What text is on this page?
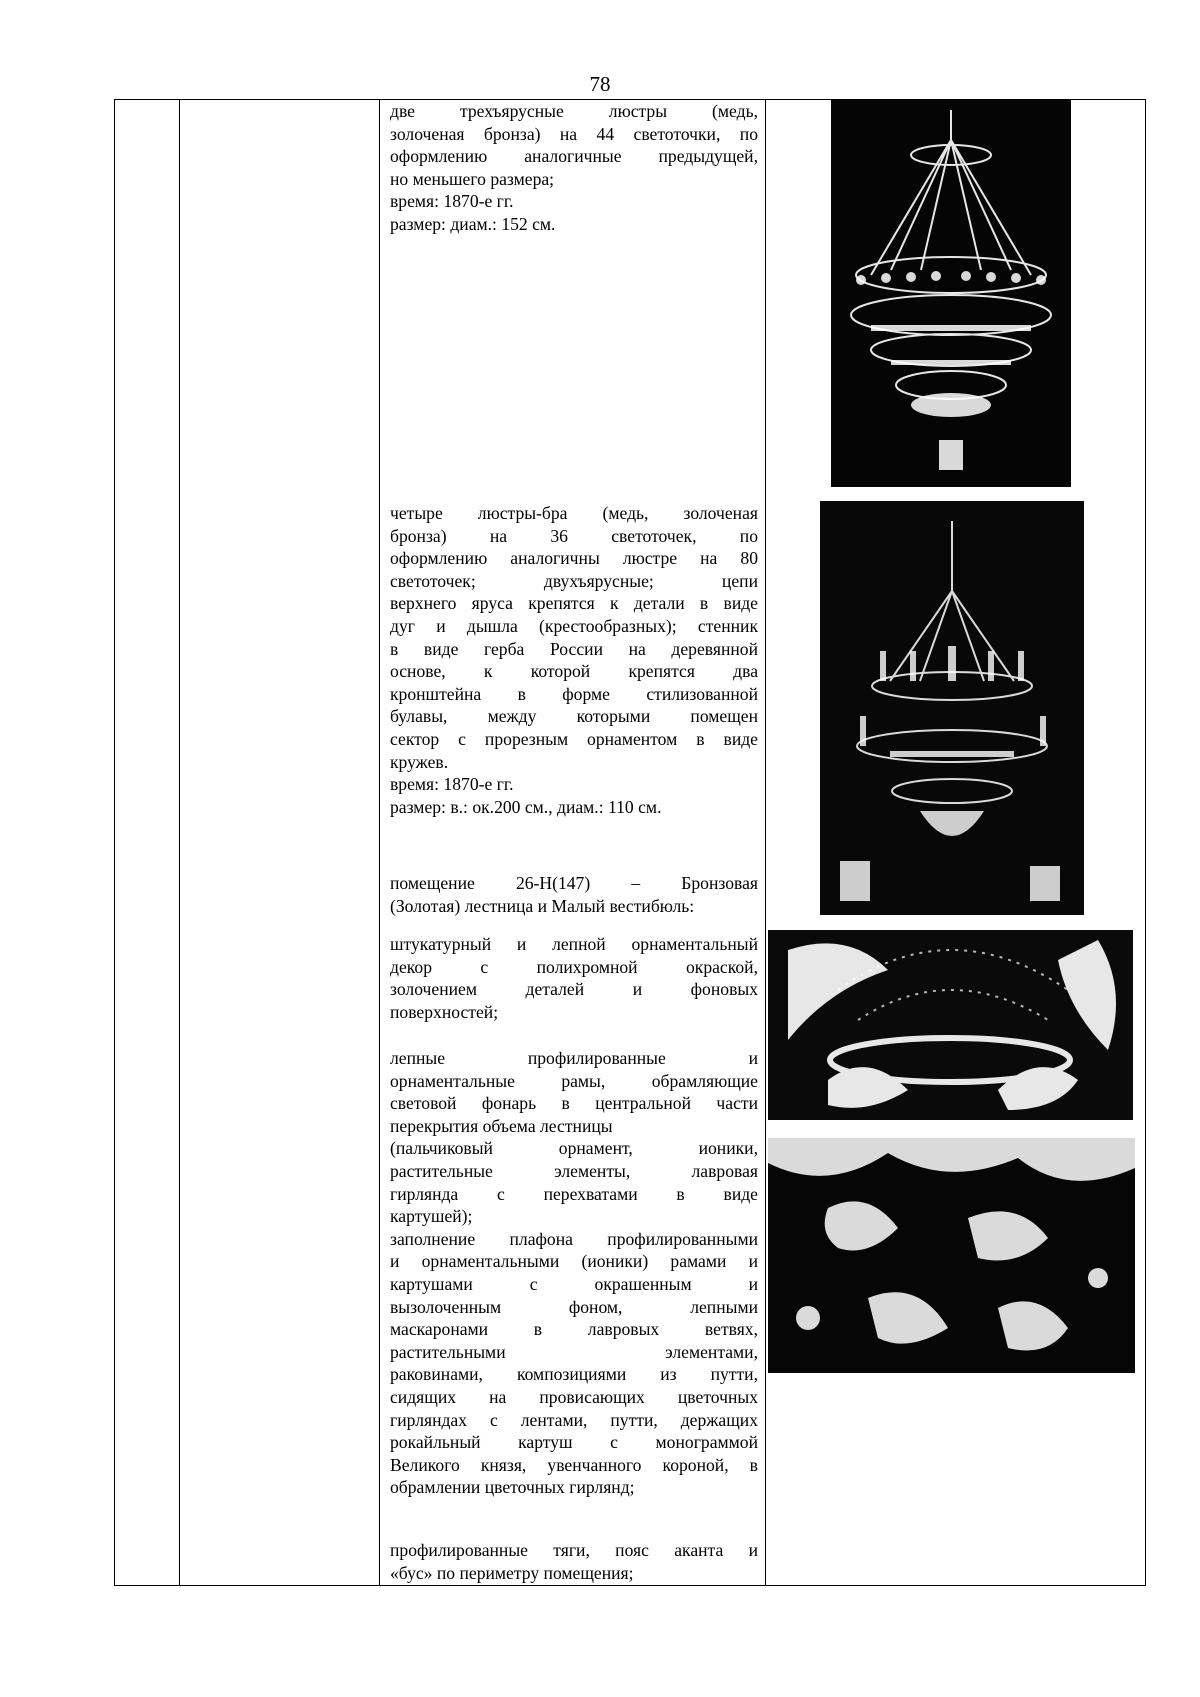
78

две трехъярусные люстры (медь,

золоченая бронза) на 44 светоточки, по

оформлению аналогичные предыдущей,

но меньшего размера;

время: 1870-е гг.

размер: диам.: 152 см.

четыре люстры-бра (медь, золоченая

бронза) на 36 светоточек, по

оформлению аналогичны люстре на 80

светоточек; двухъярусные; цепи

верхнего яруса крепятся к детали в виде

дуг и дышла (крестообразных); стенник

в виде герба России на деревянной

основе, к которой крепятся два

кронштейна в форме стилизованной

булавы, между которыми помещен

сектор с прорезным орнаментом в виде

кружев.

время: 1870-е гг.

размер: в.: ок.200 см., диам.: 110 см.

помещение 26-Н(147) – Бронзовая

(Золотая) лестница и Малый вестибюль:

штукатурный и лепной орнаментальный

декор с полихромной окраской,

золочением деталей и фоновых

поверхностей;

лепные профилированные и

орнаментальные рамы, обрамляющие

световой фонарь в центральной части

перекрытия объема лестницы

(пальчиковый орнамент, ионики,

растительные элементы, лавровая

гирлянда с перехватами в виде

картушей);

заполнение плафона профилированными

и орнаментальными (ионики) рамами и

картушами с окрашенным и

вызолоченным фоном, лепными

маскаронами в лавровых ветвях,

растительными элементами,

раковинами, композициями из путти,

сидящих на провисающих цветочных

гирляндах с лентами, путти, держащих

рокайльный картуш с монограммой

Великого князя, увенчанного короной, в

обрамлении цветочных гирлянд;

профилированные тяги, пояс аканта и

«бус» по периметру помещения;
